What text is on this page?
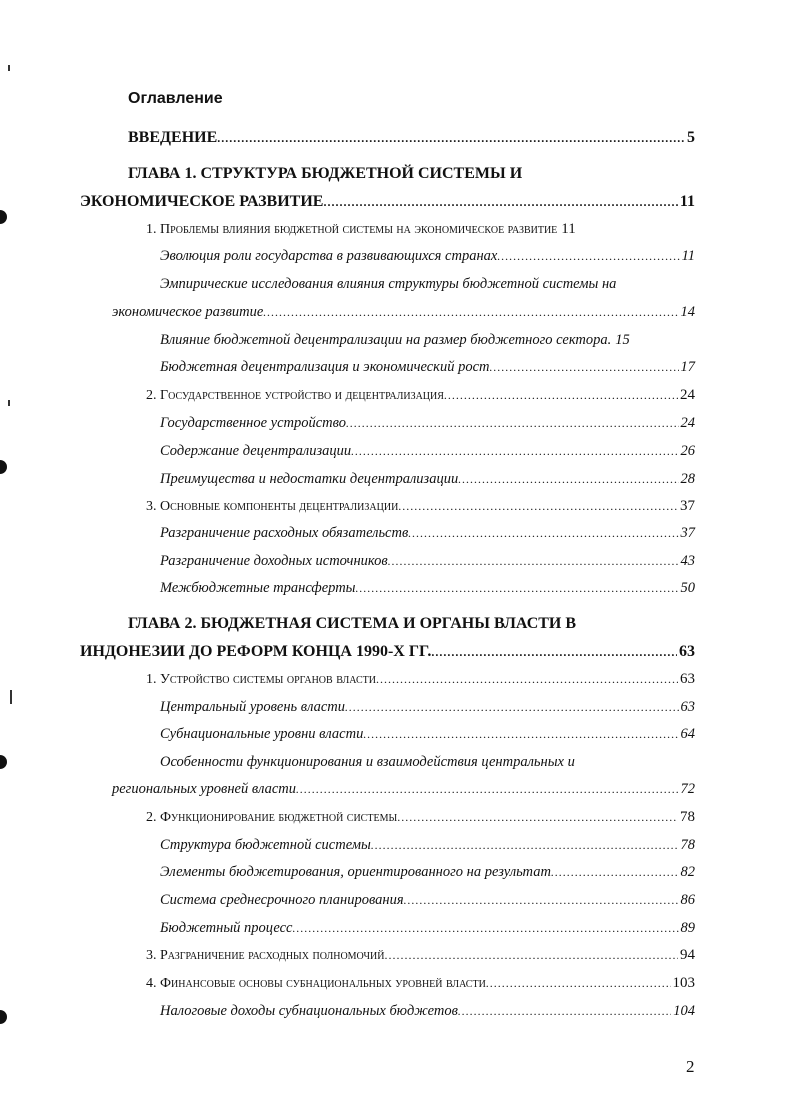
Оглавление
ВВЕДЕНИЕ .....	5
ГЛАВА 1. СТРУКТУРА БЮДЖЕТНОЙ СИСТЕМЫ И
ЭКОНОМИЧЕСКОЕ РАЗВИТИЕ .....	11
1. Проблемы влияния бюджетной системы на экономическое развитие 11
Эволюция роли государства в развивающихся странах .....	11
Эмпирические исследования влияния структуры бюджетной системы на
экономическое развитие .....	14
Влияние бюджетной децентрализации на размер бюджетного сектора. 15
Бюджетная децентрализация и экономический рост .....	17
2. Государственное устройство и децентрализация .....	24
Государственное устройство .....	24
Содержание децентрализации .....	26
Преимущества и недостатки децентрализации .....	28
3. Основные компоненты децентрализации .....	37
Разграничение расходных обязательств .....	37
Разграничение доходных источников .....	43
Межбюджетные трансферты .....	50
ГЛАВА 2. БЮДЖЕТНАЯ СИСТЕМА И ОРГАНЫ ВЛАСТИ В
ИНДОНЕЗИИ ДО РЕФОРМ КОНЦА 1990-Х ГГ. .....	63
1. Устройство системы органов власти .....	63
Центральный уровень власти .....	63
Субнациональные уровни власти .....	64
Особенности функционирования и взаимодействия центральных и
региональных уровней власти .....	72
2. Функционирование бюджетной системы .....	78
Структура бюджетной системы .....	78
Элементы бюджетирования, ориентированного на результат .....	82
Система среднесрочного планирования .....	86
Бюджетный процесс .....	89
3. Разграничение расходных полномочий .....	94
4. Финансовые основы субнациональных уровней власти .....	103
Налоговые доходы субнациональных бюджетов .....	104
2
